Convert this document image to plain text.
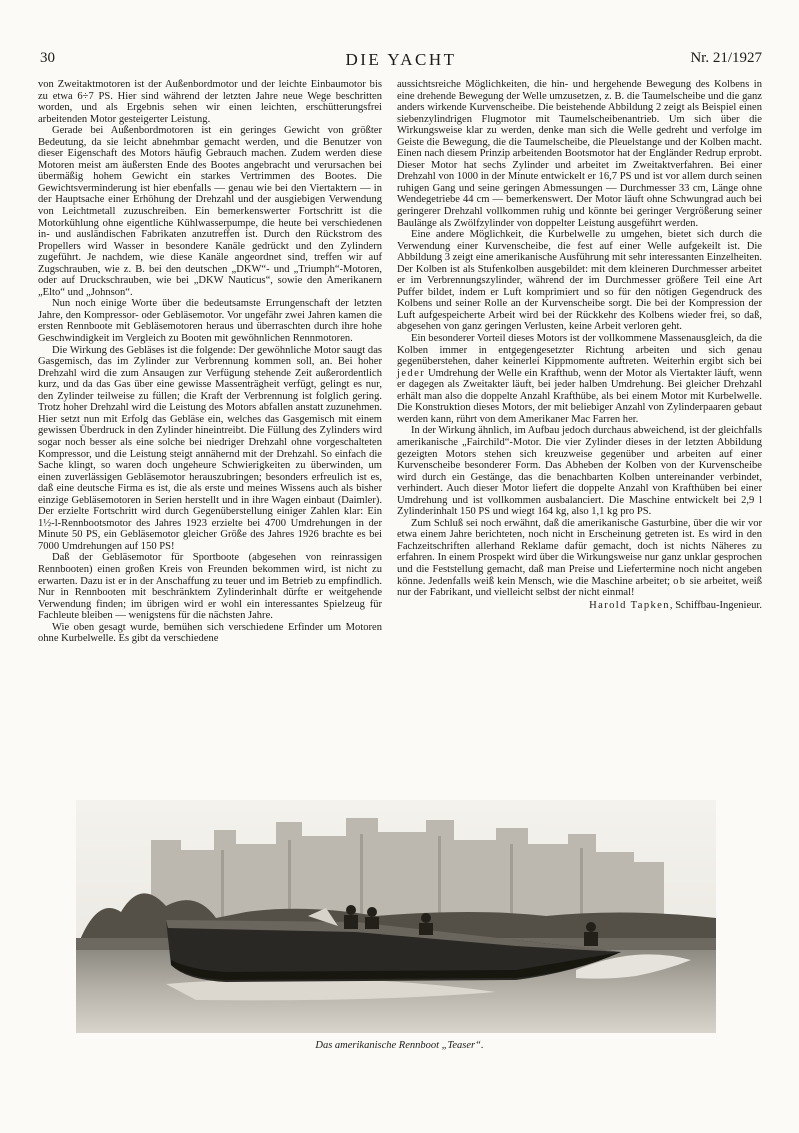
30	DIE YACHT	Nr. 21/1927

von Zweitaktmotoren ist der Außenbordmotor und der leichte Einbaumotor bis zu etwa 6÷7 PS. Hier sind während der letzten Jahre neue Wege beschritten worden, und als Ergebnis sehen wir einen leichten, erschütterungsfrei arbeitenden Motor gesteigerter Leistung.

Gerade bei Außenbordmotoren ist ein geringes Gewicht von größter Bedeutung, da sie leicht abnehmbar gemacht werden, und die Benutzer von dieser Eigenschaft des Motors häufig Gebrauch machen. Zudem werden diese Motoren meist am äußersten Ende des Bootes angebracht und verursachen bei übermäßig hohem Gewicht ein starkes Vertrimmen des Bootes. Die Gewichtsverminderung ist hier ebenfalls — genau wie bei den Viertaktern — in der Hauptsache einer Erhöhung der Drehzahl und der ausgiebigen Verwendung von Leichtmetall zuzuschreiben. Ein bemerkenswerter Fortschritt ist die Motorkühlung ohne eigentliche Kühlwasserpumpe, die heute bei verschiedenen in- und ausländischen Fabrikaten anzutreffen ist. Durch den Rückstrom des Propellers wird Wasser in besondere Kanäle gedrückt und den Zylindern zugeführt. Je nachdem, wie diese Kanäle angeordnet sind, treffen wir auf Zugschrauben, wie z. B. bei den deutschen „DKW“- und „Triumph“-Motoren, oder auf Druckschrauben, wie bei „DKW Nauticus“, sowie den Amerikanern „Elto“ und „Johnson“.

Nun noch einige Worte über die bedeutsamste Errungenschaft der letzten Jahre, den Kompressor- oder Gebläsemotor. Vor ungefähr zwei Jahren kamen die ersten Rennboote mit Gebläsemotoren heraus und überraschten durch ihre hohe Geschwindigkeit im Vergleich zu Booten mit gewöhnlichen Rennmotoren.

Die Wirkung des Gebläses ist die folgende: Der gewöhnliche Motor saugt das Gasgemisch, das im Zylinder zur Verbrennung kommen soll, an. Bei hoher Drehzahl wird die zum Ansaugen zur Verfügung stehende Zeit außerordentlich kurz, und da das Gas über eine gewisse Massenträgheit verfügt, gelingt es nur, den Zylinder teilweise zu füllen; die Kraft der Verbrennung ist folglich gering. Trotz hoher Drehzahl wird die Leistung des Motors abfallen anstatt zuzunehmen. Hier setzt nun mit Erfolg das Gebläse ein, welches das Gasgemisch mit einem gewissen Überdruck in den Zylinder hineintreibt. Die Füllung des Zylinders wird sogar noch besser als eine solche bei niedriger Drehzahl ohne vorgeschalteten Kompressor, und die Leistung steigt annähernd mit der Drehzahl. So einfach die Sache klingt, so waren doch ungeheure Schwierigkeiten zu überwinden, um einen zuverlässigen Gebläsemotor herauszubringen; besonders erfreulich ist es, daß eine deutsche Firma es ist, die als erste und meines Wissens auch als bisher einzige Gebläsemotoren in Serien herstellt und in ihre Wagen einbaut (Daimler). Der erzielte Fortschritt wird durch Gegenüberstellung einiger Zahlen klar: Ein 1½-l-Rennbootsmotor des Jahres 1923 erzielte bei 4700 Umdrehungen in der Minute 50 PS, ein Gebläsemotor gleicher Größe des Jahres 1926 brachte es bei 7000 Umdrehungen auf 150 PS!

Daß der Gebläsemotor für Sportboote (abgesehen von reinrassigen Rennbooten) einen großen Kreis von Freunden bekommen wird, ist nicht zu erwarten. Dazu ist er in der Anschaffung zu teuer und im Betrieb zu empfindlich. Nur in Rennbooten mit beschränktem Zylinderinhalt dürfte er weitgehende Verwendung finden; im übrigen wird er wohl ein interessantes Spielzeug für Fachleute bleiben — wenigstens für die nächsten Jahre.

Wie oben gesagt wurde, bemühen sich verschiedene Erfinder um Motoren ohne Kurbelwelle. Es gibt da verschiedene

aussichtsreiche Möglichkeiten, die hin- und hergehende Bewegung des Kolbens in eine drehende Bewegung der Welle umzusetzen, z. B. die Taumelscheibe und die ganz anders wirkende Kurvenscheibe. Die beistehende Abbildung 2 zeigt als Beispiel einen siebenzylindrigen Flugmotor mit Taumelscheibenantrieb. Um sich über die Wirkungsweise klar zu werden, denke man sich die Welle gedreht und verfolge im Geiste die Bewegung, die die Taumelscheibe, die Pleuelstange und der Kolben macht. Einen nach diesem Prinzip arbeitenden Bootsmotor hat der Engländer Redrup erprobt. Dieser Motor hat sechs Zylinder und arbeitet im Zweitaktverfahren. Bei einer Drehzahl von 1000 in der Minute entwickelt er 16,7 PS und ist vor allem durch seinen ruhigen Gang und seine geringen Abmessungen — Durchmesser 33 cm, Länge ohne Wendegetriebe 44 cm — bemerkenswert. Der Motor läuft ohne Schwungrad auch bei geringerer Drehzahl vollkommen ruhig und könnte bei geringer Vergrößerung seiner Baulänge als Zwölfzylinder von doppelter Leistung ausgeführt werden.

Eine andere Möglichkeit, die Kurbelwelle zu umgehen, bietet sich durch die Verwendung einer Kurvenscheibe, die fest auf einer Welle aufgekeilt ist. Die Abbildung 3 zeigt eine amerikanische Ausführung mit sehr interessanten Einzelheiten. Der Kolben ist als Stufenkolben ausgebildet: mit dem kleineren Durchmesser arbeitet er im Verbrennungszylinder, während der im Durchmesser größere Teil eine Art Puffer bildet, indem er Luft komprimiert und so für den nötigen Gegendruck des Kolbens und seiner Rolle an der Kurvenscheibe sorgt. Die bei der Kompression der Luft aufgespeicherte Arbeit wird bei der Rückkehr des Kolbens wieder frei, so daß, abgesehen von ganz geringen Verlusten, keine Arbeit verloren geht.

Ein besonderer Vorteil dieses Motors ist der vollkommene Massenausgleich, da die Kolben immer in entgegengesetzter Richtung arbeiten und sich genau gegenüberstehen, daher keinerlei Kippmomente auftreten. Weiterhin ergibt sich bei jeder Umdrehung der Welle ein Krafthub, wenn der Motor als Viertakter läuft, wenn er dagegen als Zweitakter läuft, bei jeder halben Umdrehung. Bei gleicher Drehzahl erhält man also die doppelte Anzahl Krafthübe, als bei einem Motor mit Kurbelwelle. Die Konstruktion dieses Motors, der mit beliebiger Anzahl von Zylinderpaaren gebaut werden kann, rührt von dem Amerikaner Mac Farren her.

In der Wirkung ähnlich, im Aufbau jedoch durchaus abweichend, ist der gleichfalls amerikanische „Fairchild“-Motor. Die vier Zylinder dieses in der letzten Abbildung gezeigten Motors stehen sich kreuzweise gegenüber und arbeiten auf einer Kurvenscheibe besonderer Form. Das Abheben der Kolben von der Kurvenscheibe wird durch ein Gestänge, das die benachbarten Kolben untereinander verbindet, verhindert. Auch dieser Motor liefert die doppelte Anzahl von Krafthüben bei einer Umdrehung und ist vollkommen ausbalanciert. Die Maschine entwickelt bei 2,9 l Zylinderinhalt 150 PS und wiegt 164 kg, also 1,1 kg pro PS.

Zum Schluß sei noch erwähnt, daß die amerikanische Gasturbine, über die wir vor etwa einem Jahre berichteten, noch nicht in Erscheinung getreten ist. Es wird in den Fachzeitschriften allerhand Reklame dafür gemacht, doch ist nichts Näheres zu erfahren. In einem Prospekt wird über die Wirkungsweise nur ganz unklar gesprochen und die Feststellung gemacht, daß man Preise und Liefertermine noch nicht angeben könne. Jedenfalls weiß kein Mensch, wie die Maschine arbeitet; ob sie arbeitet, weiß nur der Fabrikant, und vielleicht selbst der nicht einmal!

Harold Tapken, Schiffbau-Ingenieur.
Das amerikanische Rennboot „Teaser“.
